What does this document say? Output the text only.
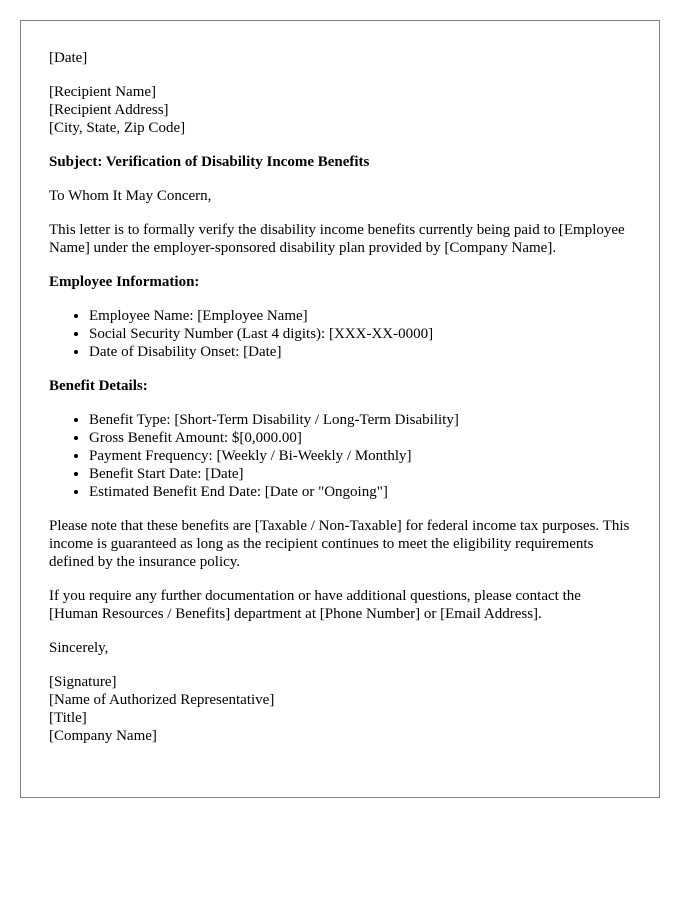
[Date]

[Recipient Name]

[Recipient Address]

[City, State, Zip Code]

Subject: Verification of Disability Income Benefits

To Whom It May Concern,

This letter is to formally verify the disability income benefits currently being paid to [Employee Name] under the employer-sponsored disability plan provided by [Company Name].

Employee Information:

• Employee Name: [Employee Name]
• Social Security Number (Last 4 digits): [XXX-XX-0000]
• Date of Disability Onset: [Date]

Benefit Details:

• Benefit Type: [Short-Term Disability / Long-Term Disability]
• Gross Benefit Amount: $[0,000.00]
• Payment Frequency: [Weekly / Bi-Weekly / Monthly]
• Benefit Start Date: [Date]
• Estimated Benefit End Date: [Date or "Ongoing"]

Please note that these benefits are [Taxable / Non-Taxable] for federal income tax purposes. This income is guaranteed as long as the recipient continues to meet the eligibility requirements defined by the insurance policy.

If you require any further documentation or have additional questions, please contact the [Human Resources / Benefits] department at [Phone Number] or [Email Address].

Sincerely,

[Signature]

[Name of Authorized Representative]

[Title]

[Company Name]
